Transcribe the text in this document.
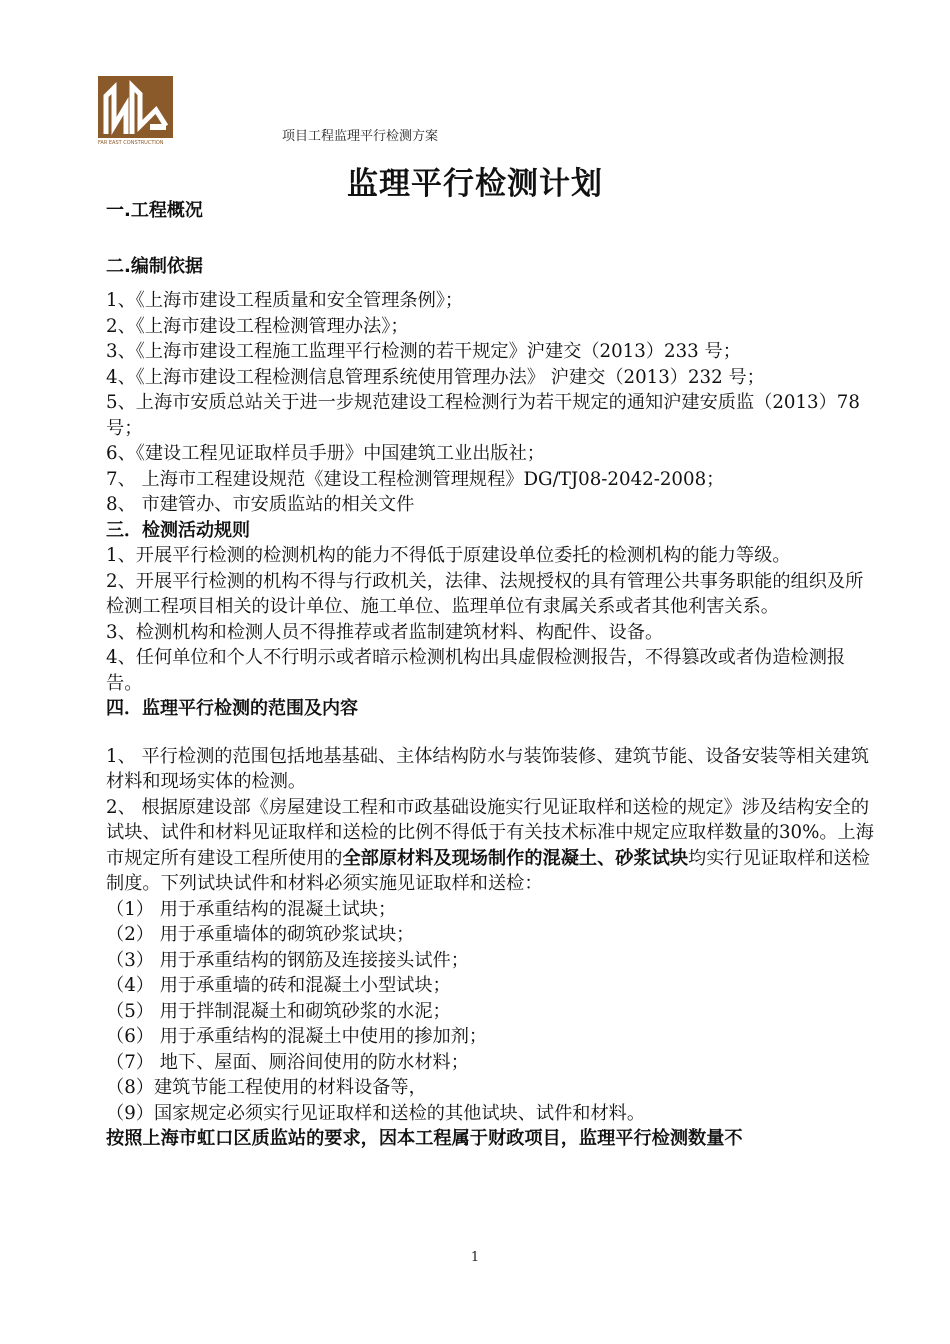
FAR EAST CONSTRUCTION	项目工程监理平行检测方案
监理平行检测计划
一.工程概况
二.编制依据
1、《上海市建设工程质量和安全管理条例》；
2、《上海市建设工程检测管理办法》；
3、《上海市建设工程施工监理平行检测的若干规定》沪建交（2013）233 号；
4、《上海市建设工程检测信息管理系统使用管理办法》 沪建交（2013）232 号；
5、上海市安质总站关于进一步规范建设工程检测行为若干规定的通知沪建安质监（2013）78 号；
6、《建设工程见证取样员手册》中国建筑工业出版社；
7、 上海市工程建设规范《建设工程检测管理规程》DG/TJ08-2042-2008；
8、 市建管办、市安质监站的相关文件
三．检测活动规则
1、开展平行检测的检测机构的能力不得低于原建设单位委托的检测机构的能力等级。
2、开展平行检测的机构不得与行政机关，法律、法规授权的具有管理公共事务职能的组织及所检测工程项目相关的设计单位、施工单位、监理单位有隶属关系或者其他利害关系。
3、检测机构和检测人员不得推荐或者监制建筑材料、构配件、设备。
4、任何单位和个人不行明示或者暗示检测机构出具虚假检测报告，不得篡改或者伪造检测报告。
四．监理平行检测的范围及内容
1、 平行检测的范围包括地基基础、主体结构防水与装饰装修、建筑节能、设备安装等相关建筑材料和现场实体的检测。
2、 根据原建设部《房屋建设工程和市政基础设施实行见证取样和送检的规定》涉及结构安全的试块、试件和材料见证取样和送检的比例不得低于有关技术标准中规定应取样数量的30%。上海市规定所有建设工程所使用的全部原材料及现场制作的混凝土、砂浆试块均实行见证取样和送检制度。下列试块试件和材料必须实施见证取样和送检：
（1） 用于承重结构的混凝土试块；
（2） 用于承重墙体的砌筑砂浆试块；
（3） 用于承重结构的钢筋及连接接头试件；
（4） 用于承重墙的砖和混凝土小型试块；
（5） 用于拌制混凝土和砌筑砂浆的水泥；
（6） 用于承重结构的混凝土中使用的掺加剂；
（7） 地下、屋面、厕浴间使用的防水材料；
（8）建筑节能工程使用的材料设备等，
（9）国家规定必须实行见证取样和送检的其他试块、试件和材料。
按照上海市虹口区质监站的要求，因本工程属于财政项目，监理平行检测数量不
1
